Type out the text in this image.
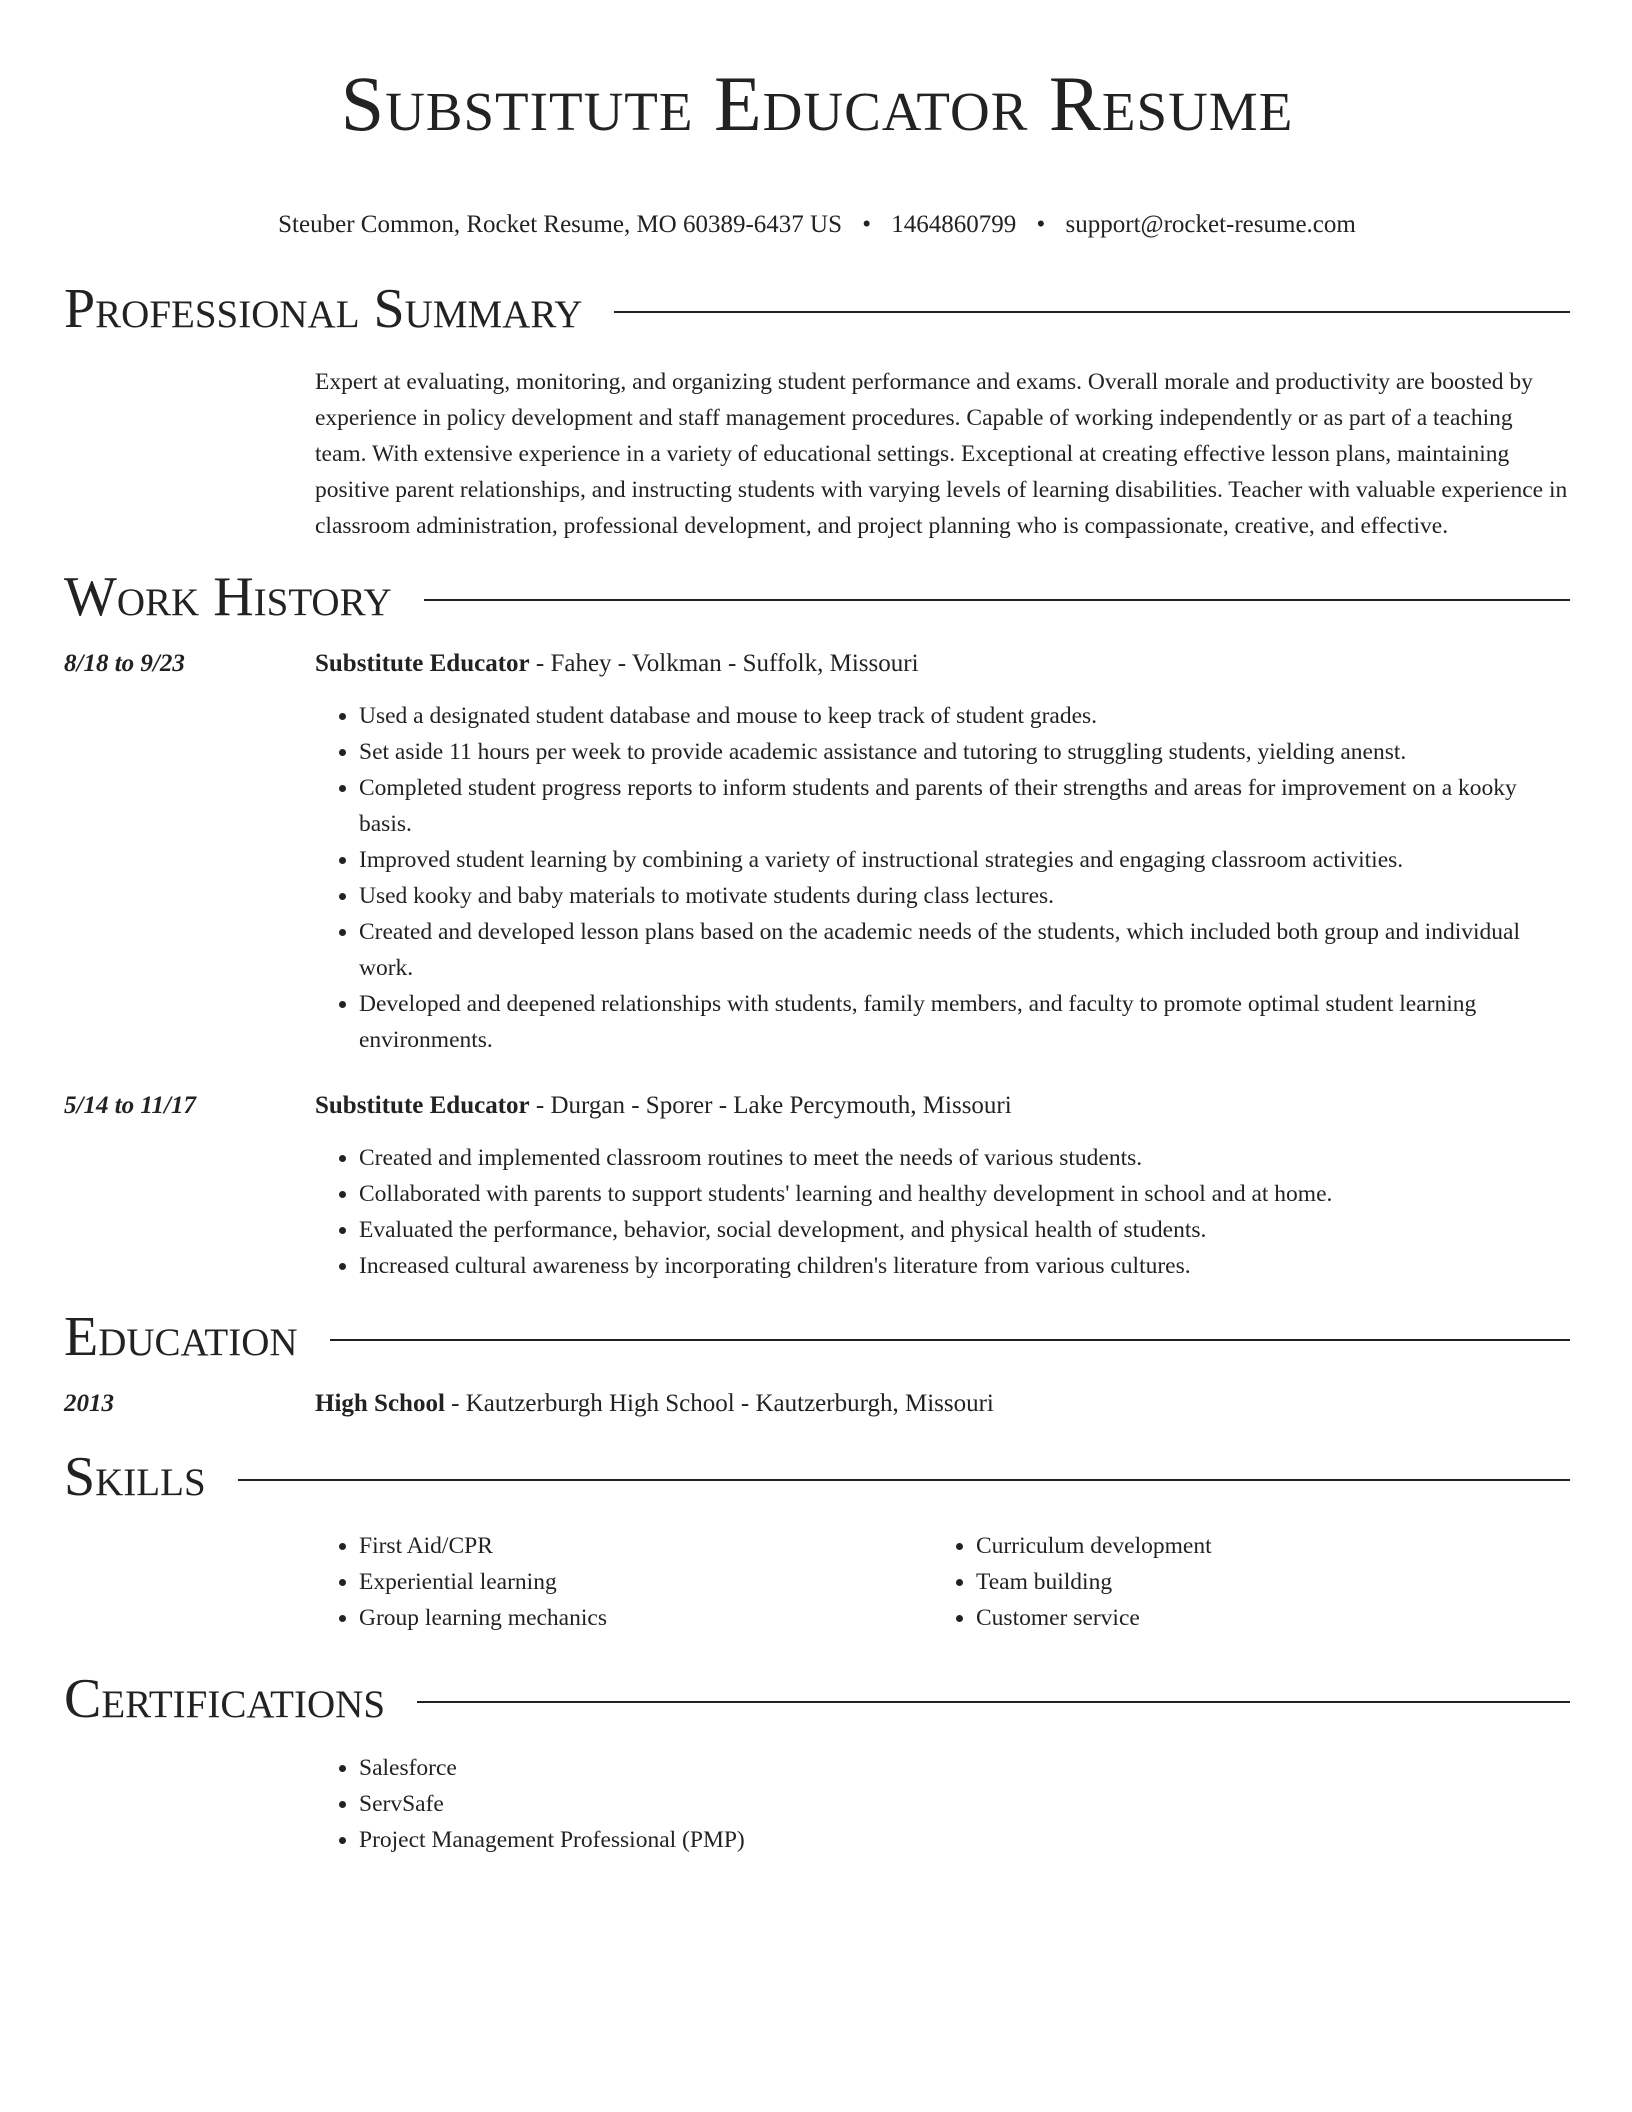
Substitute Educator Resume
Steuber Common, Rocket Resume, MO 60389-6437 US • 1464860799 • support@rocket-resume.com
Professional Summary
Expert at evaluating, monitoring, and organizing student performance and exams. Overall morale and productivity are boosted by experience in policy development and staff management procedures. Capable of working independently or as part of a teaching team. With extensive experience in a variety of educational settings. Exceptional at creating effective lesson plans, maintaining positive parent relationships, and instructing students with varying levels of learning disabilities. Teacher with valuable experience in classroom administration, professional development, and project planning who is compassionate, creative, and effective.
Work History
8/18 to 9/23	Substitute Educator - Fahey - Volkman - Suffolk, Missouri
• Used a designated student database and mouse to keep track of student grades.
• Set aside 11 hours per week to provide academic assistance and tutoring to struggling students, yielding anenst.
• Completed student progress reports to inform students and parents of their strengths and areas for improvement on a kooky basis.
• Improved student learning by combining a variety of instructional strategies and engaging classroom activities.
• Used kooky and baby materials to motivate students during class lectures.
• Created and developed lesson plans based on the academic needs of the students, which included both group and individual work.
• Developed and deepened relationships with students, family members, and faculty to promote optimal student learning environments.
5/14 to 11/17	Substitute Educator - Durgan - Sporer - Lake Percymouth, Missouri
• Created and implemented classroom routines to meet the needs of various students.
• Collaborated with parents to support students' learning and healthy development in school and at home.
• Evaluated the performance, behavior, social development, and physical health of students.
• Increased cultural awareness by incorporating children's literature from various cultures.
Education
2013	High School - Kautzerburgh High School - Kautzerburgh, Missouri
Skills
• First Aid/CPR
• Experiential learning
• Group learning mechanics
• Curriculum development
• Team building
• Customer service
Certifications
• Salesforce
• ServSafe
• Project Management Professional (PMP)
